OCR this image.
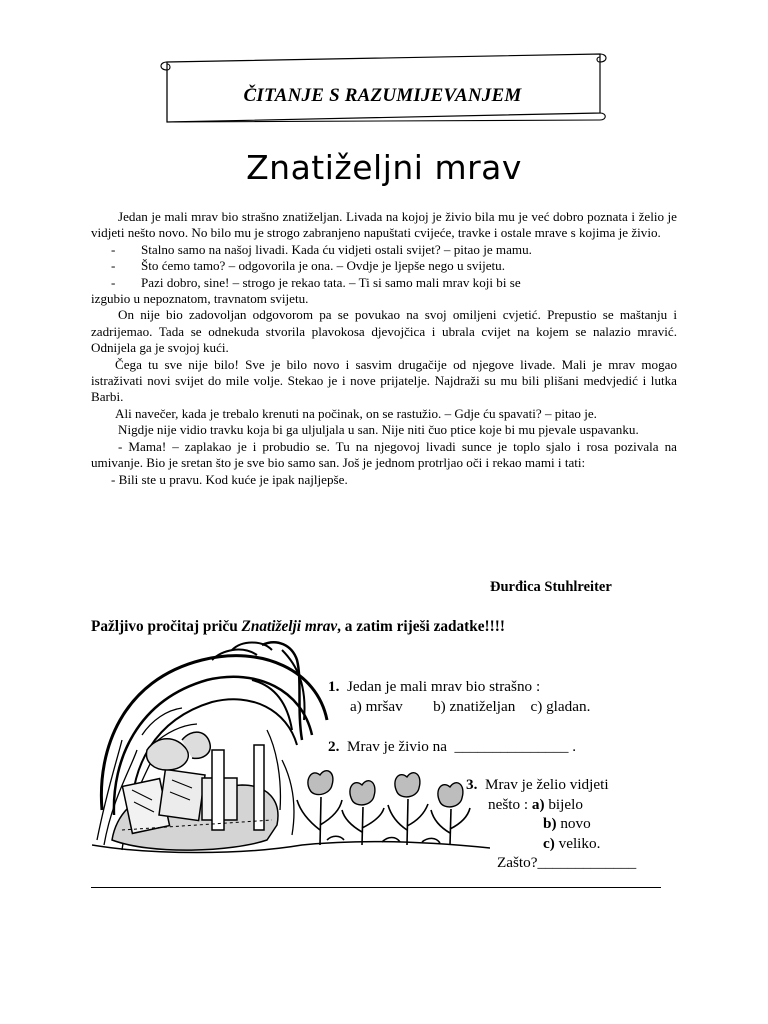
ČITANJE S RAZUMIJEVANJEM
Znatiželjni mrav

Jedan je mali mrav bio strašno znatiželjan. Livada na kojoj je živio bila mu je već dobro poznata i želio je vidjeti nešto novo. No bilo mu je strogo zabranjeno napuštati cvijeće, travke i ostale mrave s kojima je živio.

-	Stalno samo na našoj livadi. Kada ću vidjeti ostali svijet? – pitao je mamu.
-	Što ćemo tamo? – odgovorila je ona. – Ovdje je ljepše nego u svijetu.
-	Pazi dobro, sine! – strogo je rekao tata. – Ti si samo mali mrav koji bi se

izgubio u nepoznatom, travnatom svijetu.

On nije bio zadovoljan odgovorom pa se povukao na svoj omiljeni cvjetić. Prepustio se maštanju i zadrijemao. Tada se odnekuda stvorila plavokosa djevojčica i ubrala cvijet na kojem se nalazio mravić. Odnijela ga je svojoj kući.

Čega tu sve nije bilo! Sve je bilo novo i sasvim drugačije od njegove livade. Mali je mrav mogao istraživati novi svijet do mile volje. Stekao je i nove prijatelje. Najdraži su mu bili plišani medvjedić i lutka Barbi.

Ali navečer, kada je trebalo krenuti na počinak, on se rastužio. – Gdje ću spavati? – pitao je.

Nigdje nije vidio travku koja bi ga uljuljala u san. Nije niti čuo ptice koje bi mu pjevale uspavanku.

- Mama! – zaplakao je i probudio se. Tu na njegovoj livadi sunce je toplo sjalo i rosa pozivala na umivanje. Bio je sretan što je sve bio samo san. Još je jednom protrljao oči i rekao mami i tati:

- Bili ste u pravu. Kod kuće je ipak najljepše.

Đurđica Stuhlreiter
Pažljivo pročitaj priču Znatiželji mrav, a zatim riješi zadatke!!!!
1. Jedan je mali mrav bio strašno :
a) mršav        b) znatiželjan    c) gladan.
2. Mrav je živio na  _______________ .
3. Mrav je želio vidjeti
nešto : a) bijelo
b) novo
c) veliko.
Zašto?_____________
